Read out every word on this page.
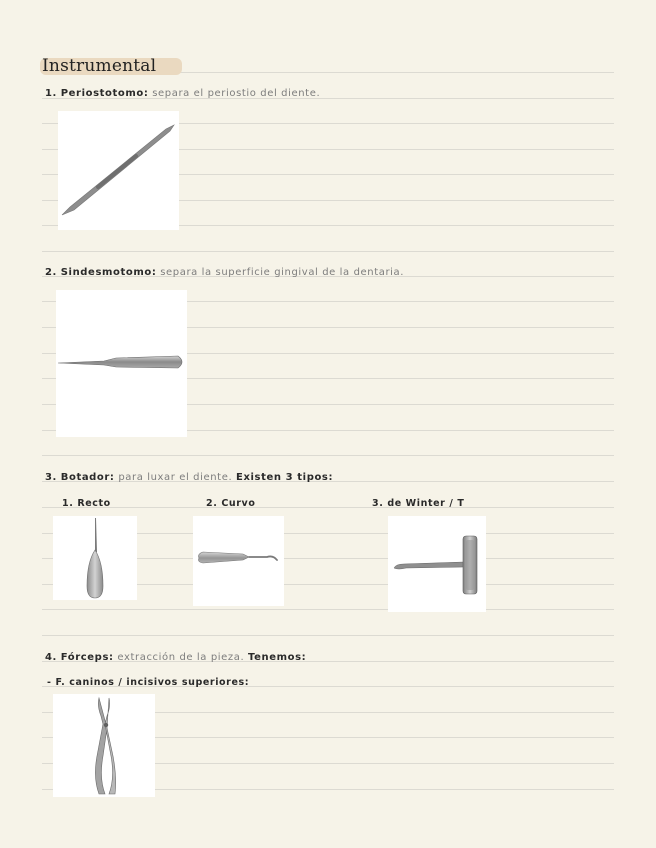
Instrumental
1. Periostotomo: separa el periostio del diente.
2. Sindesmotomo: separa la superficie gingival de la dentaria.
3. Botador: para luxar el diente. Existen 3 tipos:
1. Recto	2. Curvo	3. de Winter / T
4. Fórceps: extracción de la pieza. Tenemos:
- F. caninos / incisivos superiores:
